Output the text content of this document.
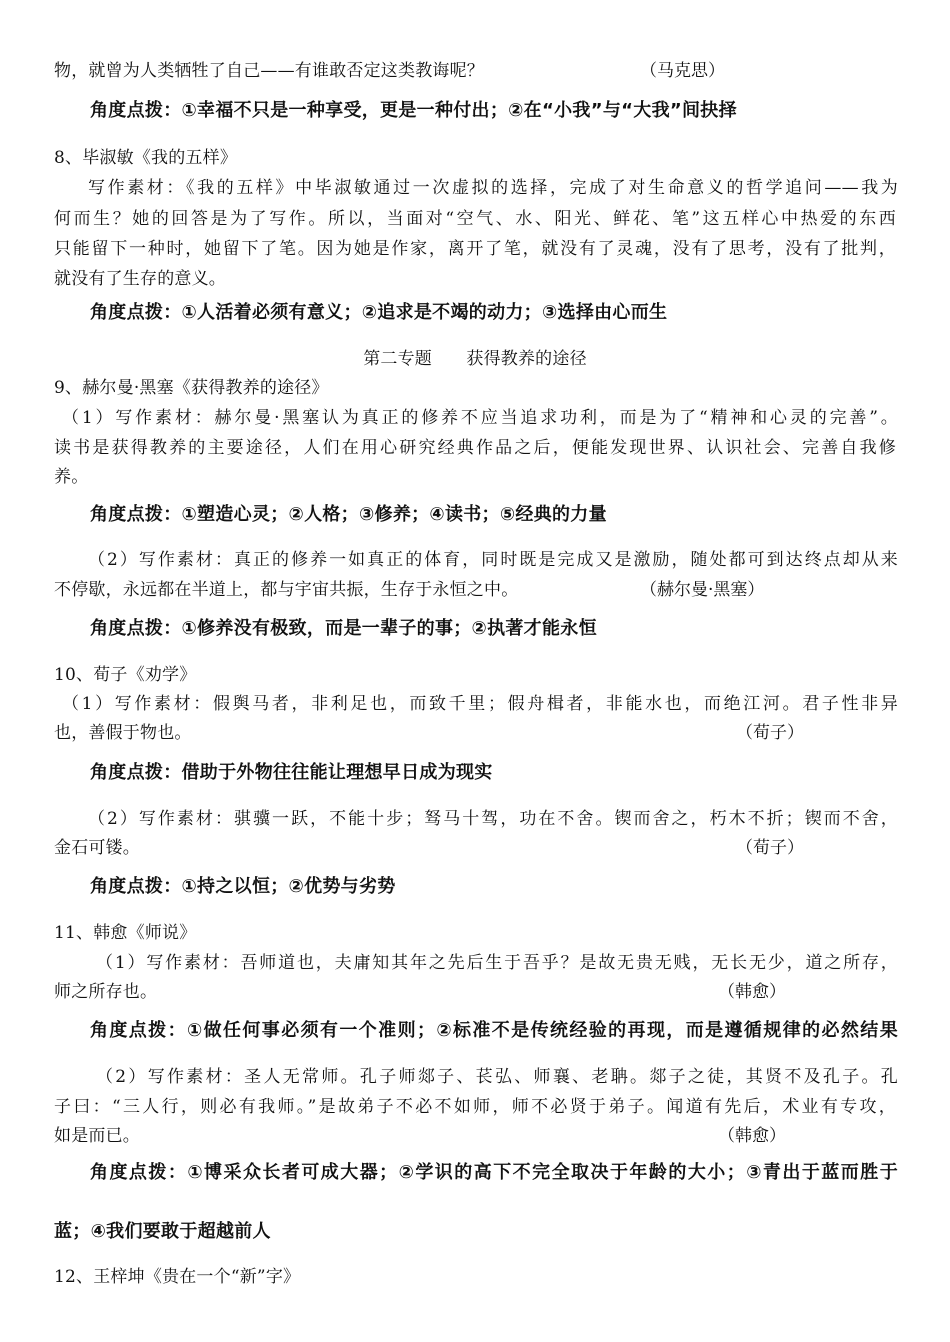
物，就曾为人类牺牲了自己——有谁敢否定这类教诲呢？	（马克思）
角度点拨：①幸福不只是一种享受，更是一种付出；②在“小我”与“大我”间抉择
8、毕淑敏《我的五样》
写作素材：《我的五样》中毕淑敏通过一次虚拟的选择，完成了对生命意义的哲学追问——我为
何而生？她的回答是为了写作。所以，当面对“空气、水、阳光、鲜花、笔”这五样心中热爱的东西
只能留下一种时，她留下了笔。因为她是作家，离开了笔，就没有了灵魂，没有了思考，没有了批判，
就没有了生存的意义。
角度点拨：①人活着必须有意义；②追求是不竭的动力；③选择由心而生
第二专题　　获得教养的途径
9、赫尔曼·黑塞《获得教养的途径》
（1）写作素材：赫尔曼·黑塞认为真正的修养不应当追求功利，而是为了“精神和心灵的完善”。
读书是获得教养的主要途径，人们在用心研究经典作品之后，便能发现世界、认识社会、完善自我修
养。
角度点拨：①塑造心灵；②人格；③修养；④读书；⑤经典的力量
（2）写作素材：真正的修养一如真正的体育，同时既是完成又是激励，随处都可到达终点却从来
不停歇，永远都在半道上，都与宇宙共振，生存于永恒之中。	（赫尔曼·黑塞）
角度点拨：①修养没有极致，而是一辈子的事；②执著才能永恒
10、荀子《劝学》
（1）写作素材：假舆马者，非利足也，而致千里；假舟楫者，非能水也，而绝江河。君子性非异
也，善假于物也。	（荀子）
角度点拨：借助于外物往往能让理想早日成为现实
（2）写作素材：骐骥一跃，不能十步；驽马十驾，功在不舍。锲而舍之，朽木不折；锲而不舍，
金石可镂。	（荀子）
角度点拨：①持之以恒；②优势与劣势
11、韩愈《师说》
（1）写作素材：吾师道也，夫庸知其年之先后生于吾乎？是故无贵无贱，无长无少，道之所存，
师之所存也。	（韩愈）
角度点拨：①做任何事必须有一个准则；②标准不是传统经验的再现，而是遵循规律的必然结果
（2）写作素材：圣人无常师。孔子师郯子、苌弘、师襄、老聃。郯子之徒，其贤不及孔子。孔
子曰：“三人行，则必有我师。”是故弟子不必不如师，师不必贤于弟子。闻道有先后，术业有专攻，
如是而已。	（韩愈）
角度点拨：①博采众长者可成大器；②学识的高下不完全取决于年龄的大小；③青出于蓝而胜于
蓝；④我们要敢于超越前人
12、王梓坤《贵在一个“新”字》
